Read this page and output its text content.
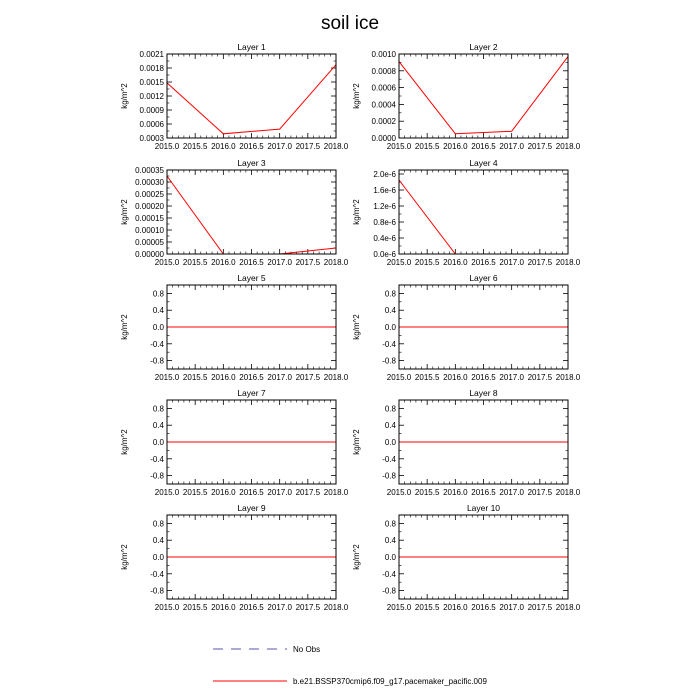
soil ice
Layer 1
2015.0 2015.5 2016.0 2016.5 2017.0 2017.5 2018.0
0.0003
0.0006
0.0009
0.0012
0.0015
0.0018
0.0021
kg/m^2
Layer 2
2015.0 2015.5 2016.0 2016.5 2017.0 2017.5 2018.0
0.0000
0.0002
0.0004
0.0006
0.0008
0.0010
kg/m^2
Layer 3
2015.0 2015.5 2016.0 2016.5 2017.0 2017.5 2018.0
0.00000
0.00005
0.00010
0.00015
0.00020
0.00025
0.00030
0.00035
kg/m^2
Layer 4
2015.0 2015.5 2016.0 2016.5 2017.0 2017.5 2018.0
0.0e-6
0.4e-6
0.8e-6
1.2e-6
1.6e-6
2.0e-6
kg/m^2
Layer 5
2015.0 2015.5 2016.0 2016.5 2017.0 2017.5 2018.0
-0.8
-0.4
0.0
0.4
0.8
kg/m^2
Layer 6
2015.0 2015.5 2016.0 2016.5 2017.0 2017.5 2018.0
-0.8
-0.4
0.0
0.4
0.8
kg/m^2
Layer 7
2015.0 2015.5 2016.0 2016.5 2017.0 2017.5 2018.0
-0.8
-0.4
0.0
0.4
0.8
kg/m^2
Layer 8
2015.0 2015.5 2016.0 2016.5 2017.0 2017.5 2018.0
-0.8
-0.4
0.0
0.4
0.8
kg/m^2
Layer 9
2015.0 2015.5 2016.0 2016.5 2017.0 2017.5 2018.0
-0.8
-0.4
0.0
0.4
0.8
kg/m^2
Layer 10
2015.0 2015.5 2016.0 2016.5 2017.0 2017.5 2018.0
-0.8
-0.4
0.0
0.4
0.8
kg/m^2
No Obs
b.e21.BSSP370cmip6.f09_g17.pacemaker_pacific.009
